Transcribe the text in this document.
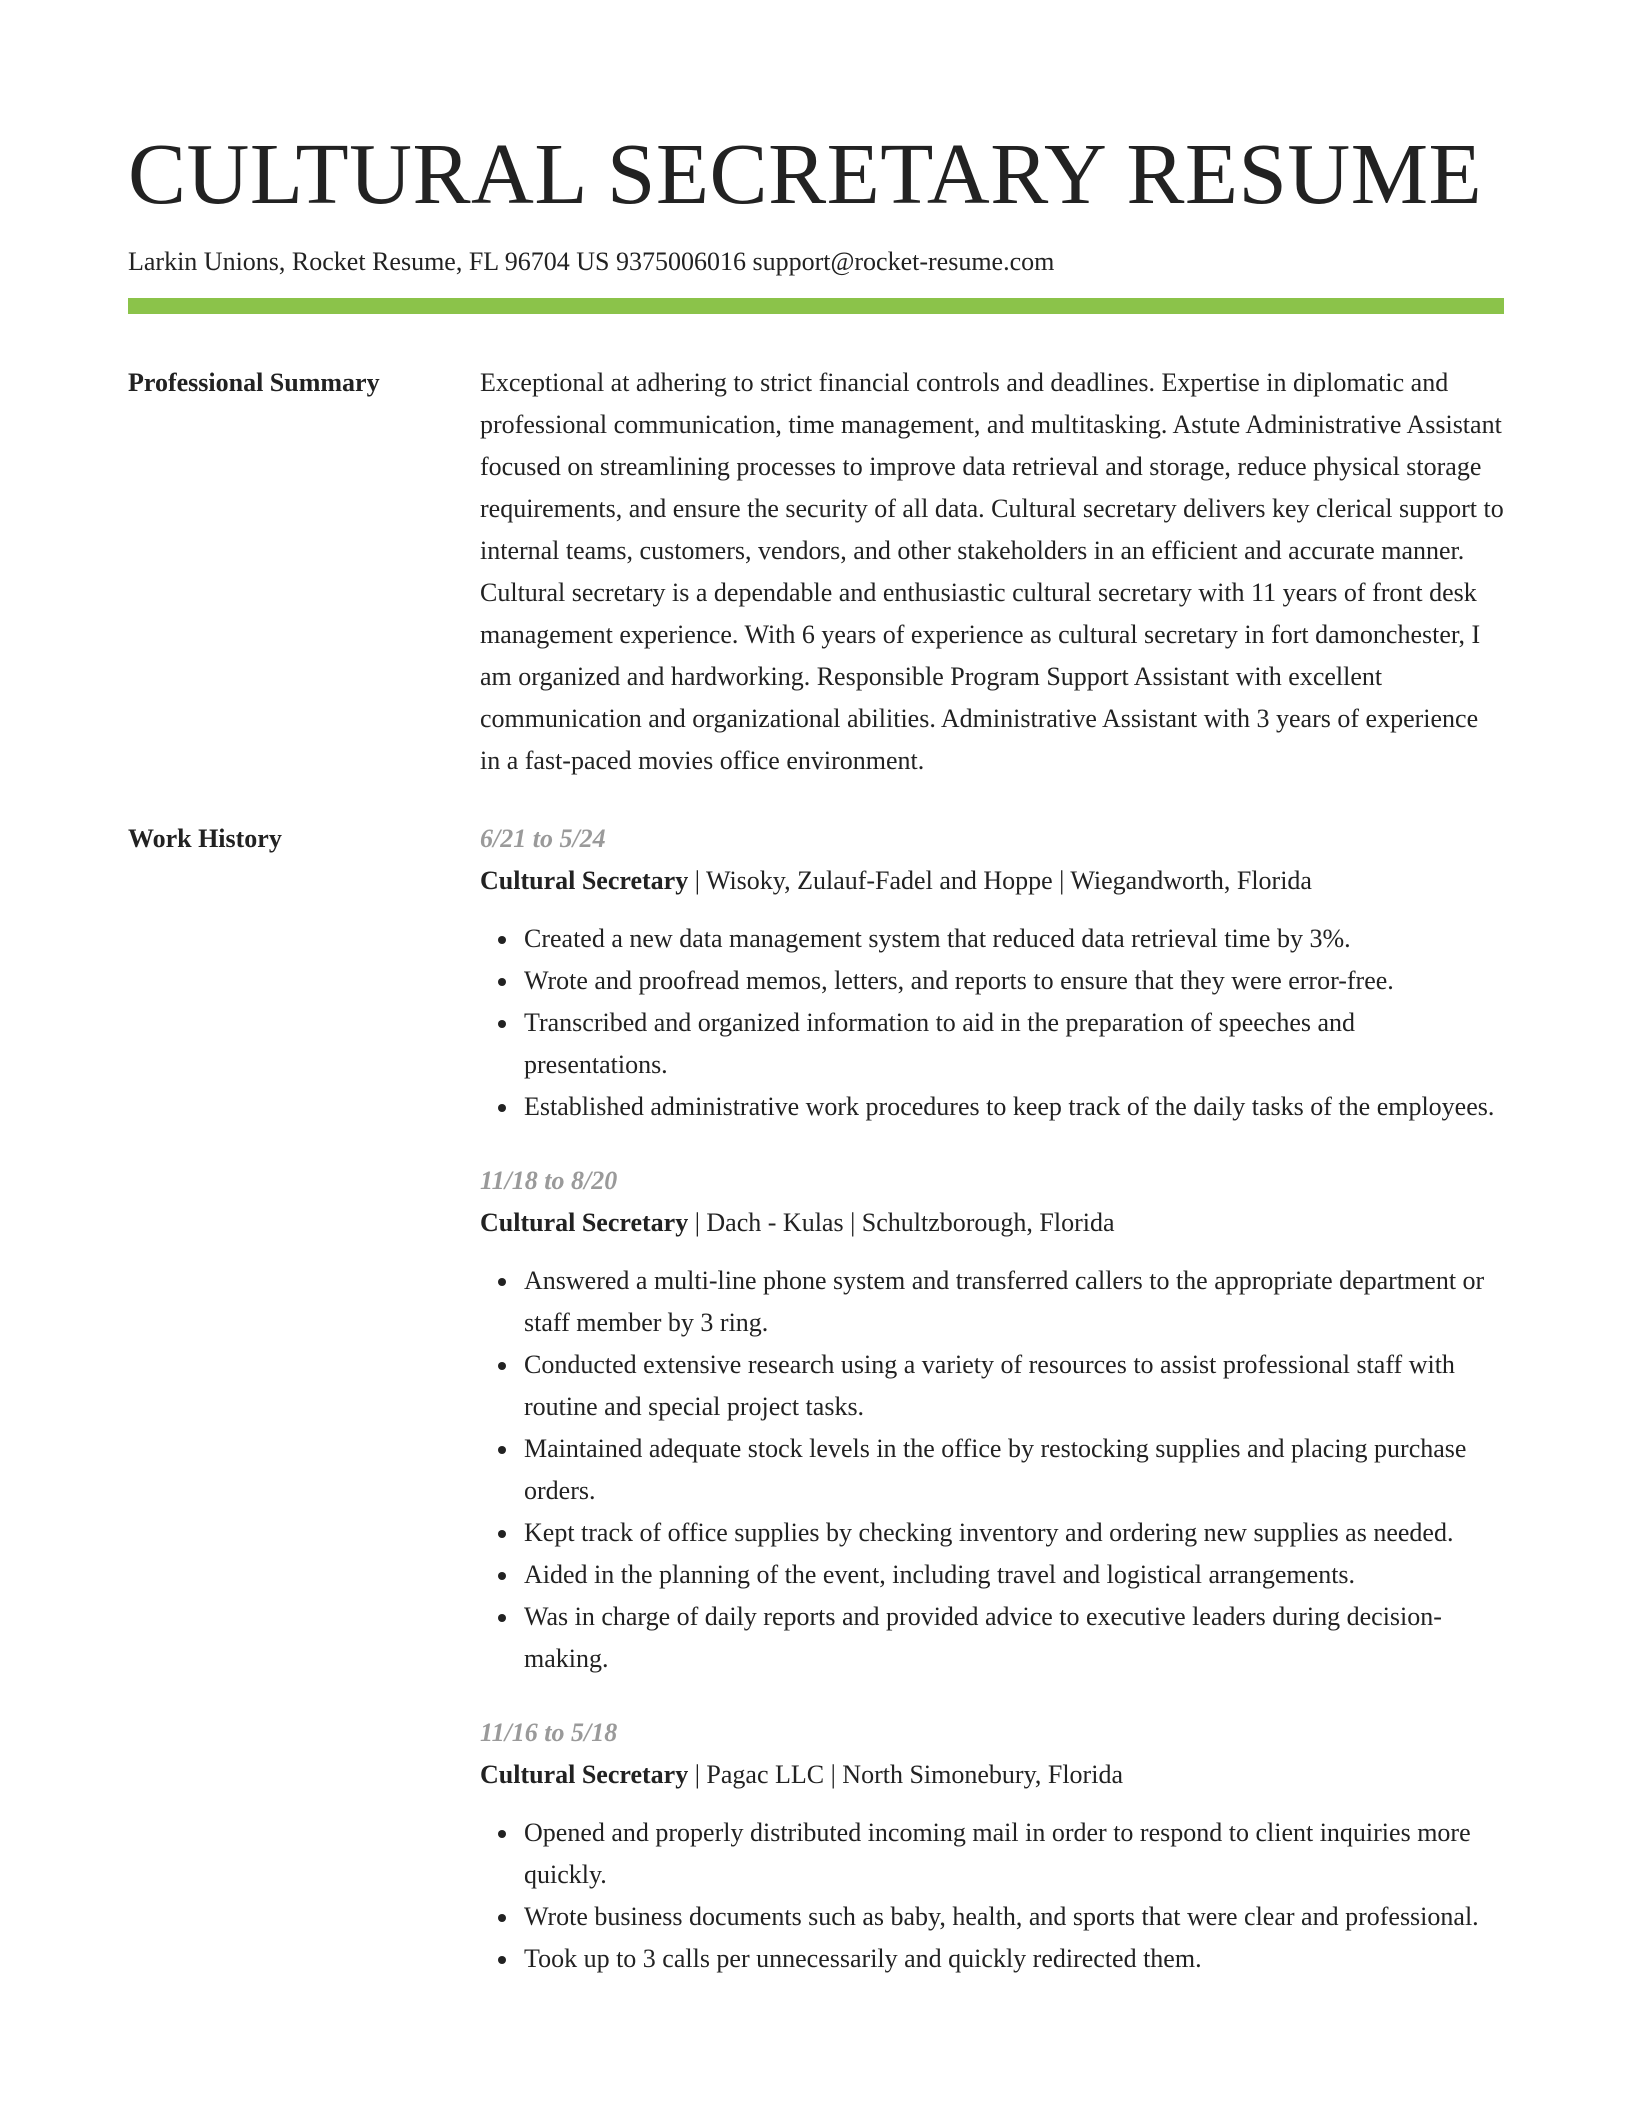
CULTURAL SECRETARY RESUME
Larkin Unions, Rocket Resume, FL 96704 US 9375006016 support@rocket-resume.com
Professional Summary	Exceptional at adhering to strict financial controls and deadlines. Expertise in diplomatic and professional communication, time management, and multitasking. Astute Administrative Assistant focused on streamlining processes to improve data retrieval and storage, reduce physical storage requirements, and ensure the security of all data. Cultural secretary delivers key clerical support to internal teams, customers, vendors, and other stakeholders in an efficient and accurate manner. Cultural secretary is a dependable and enthusiastic cultural secretary with 11 years of front desk management experience. With 6 years of experience as cultural secretary in fort damonchester, I am organized and hardworking. Responsible Program Support Assistant with excellent communication and organizational abilities. Administrative Assistant with 3 years of experience in a fast-paced movies office environment.

Work History	6/21 to 5/24
Cultural Secretary | Wisoky, Zulauf-Fadel and Hoppe | Wiegandworth, Florida
Created a new data management system that reduced data retrieval time by 3%.
Wrote and proofread memos, letters, and reports to ensure that they were error-free.
Transcribed and organized information to aid in the preparation of speeches and presentations.
Established administrative work procedures to keep track of the daily tasks of the employees.
11/18 to 8/20
Cultural Secretary | Dach - Kulas | Schultzborough, Florida
Answered a multi-line phone system and transferred callers to the appropriate department or staff member by 3 ring.
Conducted extensive research using a variety of resources to assist professional staff with routine and special project tasks.
Maintained adequate stock levels in the office by restocking supplies and placing purchase orders.
Kept track of office supplies by checking inventory and ordering new supplies as needed.
Aided in the planning of the event, including travel and logistical arrangements.
Was in charge of daily reports and provided advice to executive leaders during decision-making.
11/16 to 5/18
Cultural Secretary | Pagac LLC | North Simonebury, Florida
Opened and properly distributed incoming mail in order to respond to client inquiries more quickly.
Wrote business documents such as baby, health, and sports that were clear and professional.
Took up to 3 calls per unnecessarily and quickly redirected them.
